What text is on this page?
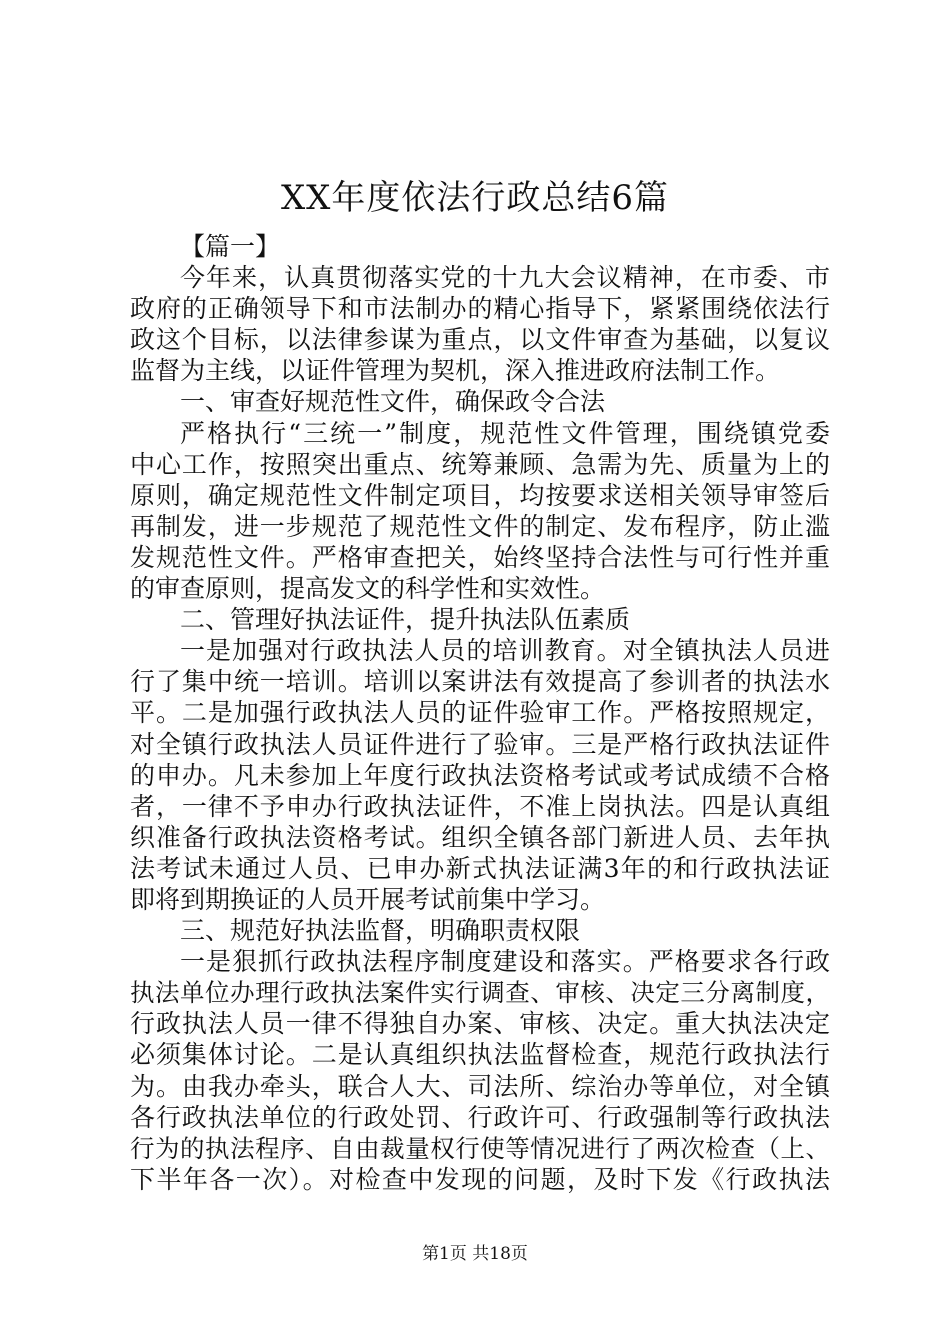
XX年度依法行政总结6篇
【篇一】
今年来，认真贯彻落实党的十九大会议精神，在市委、市
政府的正确领导下和市法制办的精心指导下，紧紧围绕依法行
政这个目标，以法律参谋为重点，以文件审查为基础，以复议
监督为主线，以证件管理为契机，深入推进政府法制工作。
一、审查好规范性文件，确保政令合法
严格执行“三统一”制度，规范性文件管理，围绕镇党委
中心工作，按照突出重点、统筹兼顾、急需为先、质量为上的
原则，确定规范性文件制定项目，均按要求送相关领导审签后
再制发，进一步规范了规范性文件的制定、发布程序，防止滥
发规范性文件。严格审查把关，始终坚持合法性与可行性并重
的审查原则，提高发文的科学性和实效性。
二、管理好执法证件，提升执法队伍素质
一是加强对行政执法人员的培训教育。对全镇执法人员进
行了集中统一培训。培训以案讲法有效提高了参训者的执法水
平。二是加强行政执法人员的证件验审工作。严格按照规定，
对全镇行政执法人员证件进行了验审。三是严格行政执法证件
的申办。凡未参加上年度行政执法资格考试或考试成绩不合格
者，一律不予申办行政执法证件，不准上岗执法。四是认真组
织准备行政执法资格考试。组织全镇各部门新进人员、去年执
法考试未通过人员、已申办新式执法证满3年的和行政执法证
即将到期换证的人员开展考试前集中学习。
三、规范好执法监督，明确职责权限
一是狠抓行政执法程序制度建设和落实。严格要求各行政
执法单位办理行政执法案件实行调查、审核、决定三分离制度，
行政执法人员一律不得独自办案、审核、决定。重大执法决定
必须集体讨论。二是认真组织执法监督检查，规范行政执法行
为。由我办牵头，联合人大、司法所、综治办等单位，对全镇
各行政执法单位的行政处罚、行政许可、行政强制等行政执法
行为的执法程序、自由裁量权行使等情况进行了两次检查（上、
下半年各一次）。对检查中发现的问题，及时下发《行政执法
第1页 共18页
